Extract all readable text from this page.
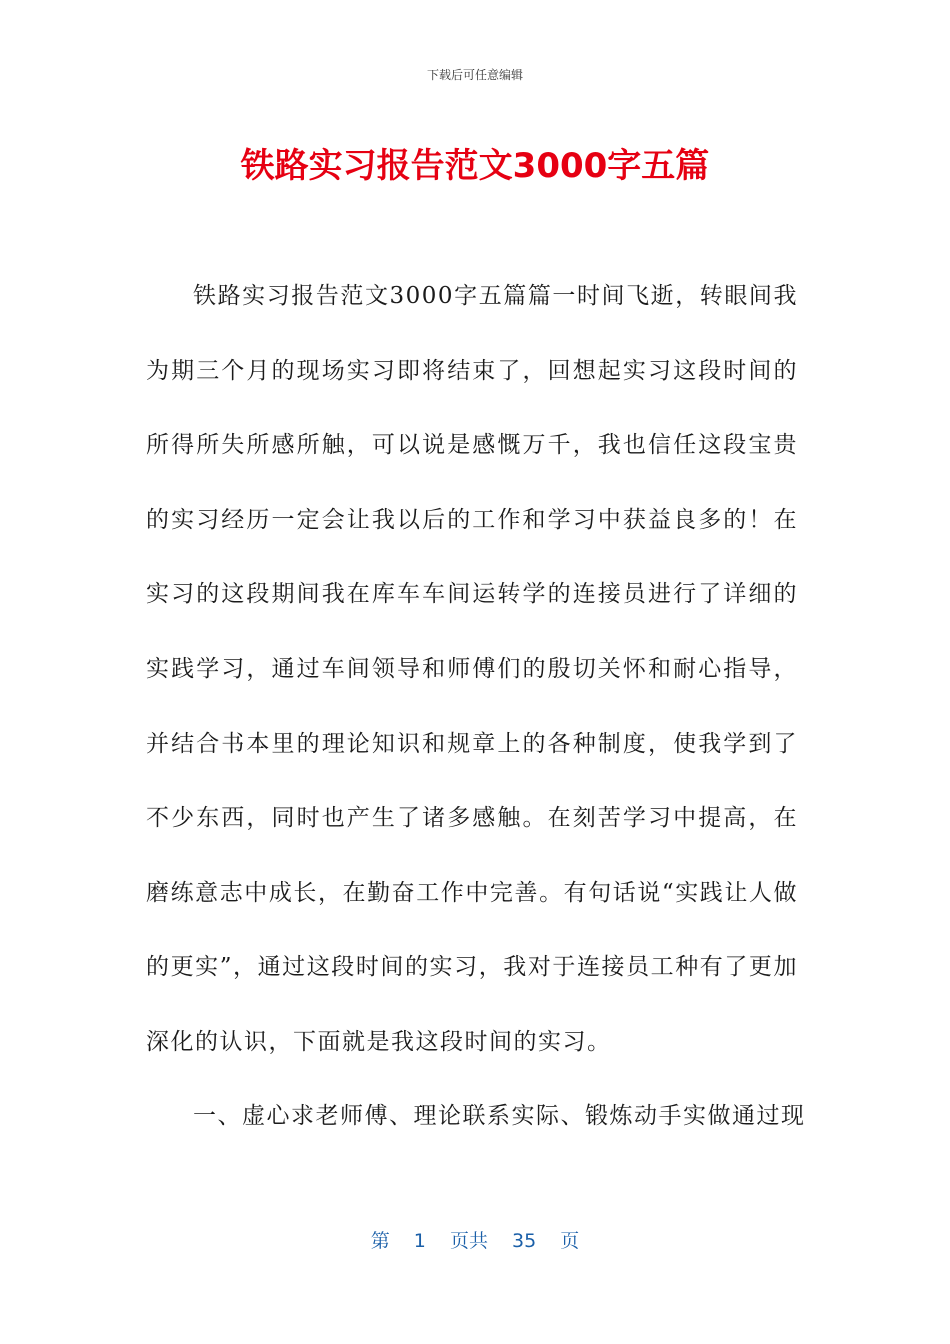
下载后可任意编辑
铁路实习报告范文3000字五篇

铁路实习报告范文3000字五篇篇一时间飞逝，转眼间我为期三个月的现场实习即将结束了，回想起实习这段时间的所得所失所感所触，可以说是感慨万千，我也信任这段宝贵的实习经历一定会让我以后的工作和学习中获益良多的！在实习的这段期间我在库车车间运转学的连接员进行了详细的实践学习，通过车间领导和师傅们的殷切关怀和耐心指导，并结合书本里的理论知识和规章上的各种制度，使我学到了不少东西，同时也产生了诸多感触。在刻苦学习中提高，在磨练意志中成长，在勤奋工作中完善。有句话说“实践让人做的更实”，通过这段时间的实习，我对于连接员工种有了更加深化的认识，下面就是我这段时间的实习。

一、虚心求老师傅、理论联系实际、锻炼动手实做通过现

第 1 页共 35 页
